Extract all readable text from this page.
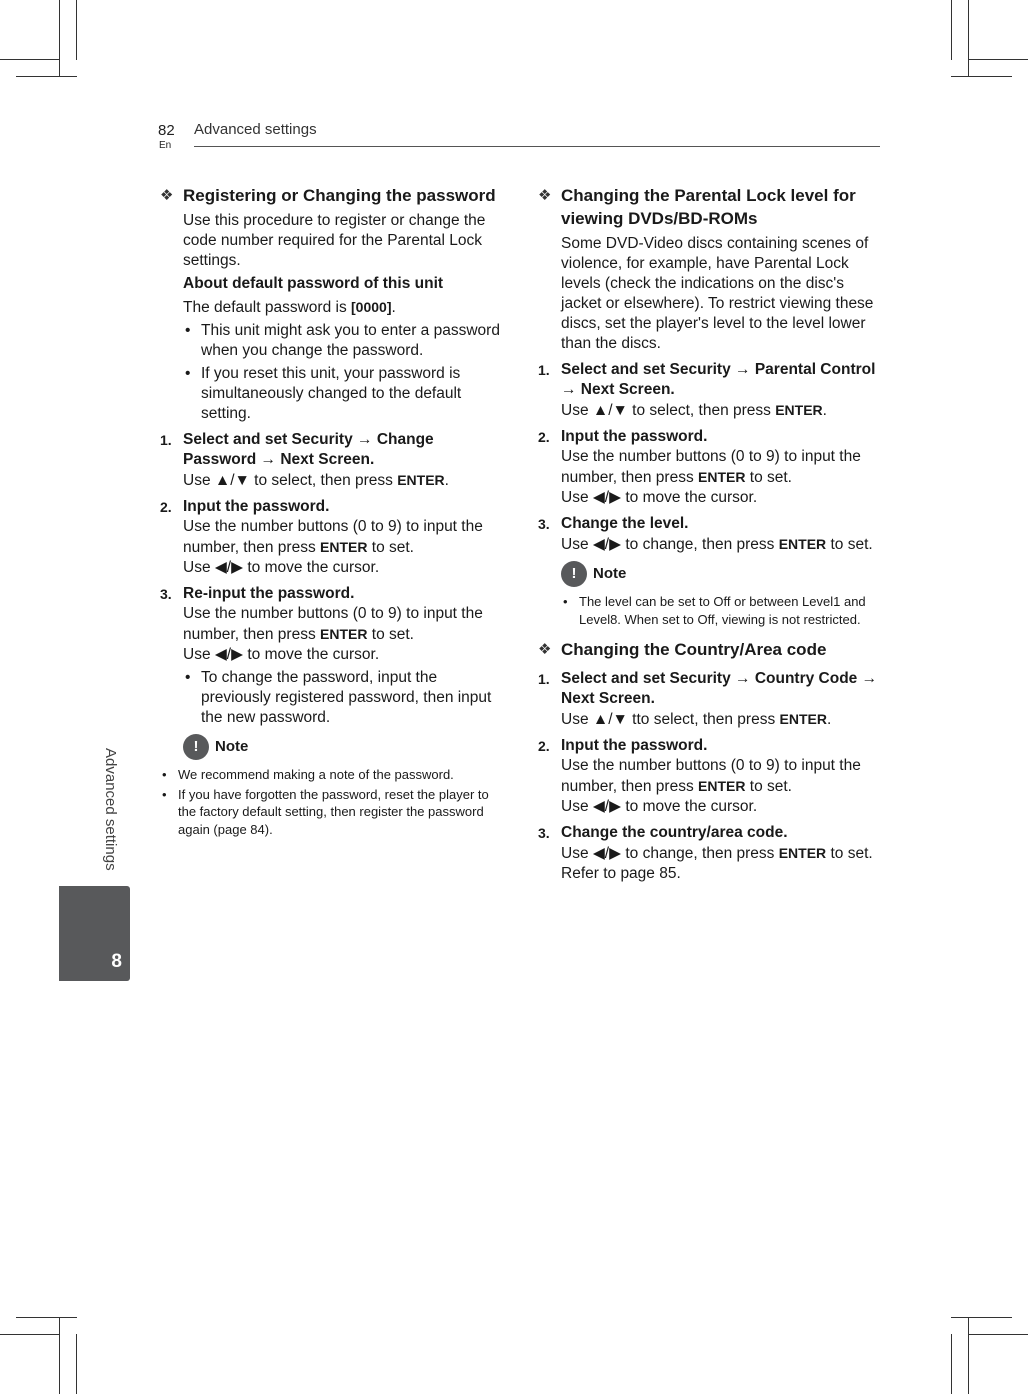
82
En
Advanced settings
Advanced settings
8
❖ Registering or Changing the password
Use this procedure to register or change the code number required for the Parental Lock settings.
About default password of this unit
The default password is [0000].
• This unit might ask you to enter a password when you change the password.
• If you reset this unit, your password is simultaneously changed to the default setting.
1. Select and set Security → Change Password → Next Screen.
Use ▲/▼ to select, then press ENTER.
2. Input the password.
Use the number buttons (0 to 9) to input the number, then press ENTER to set.
Use ◀/▶ to move the cursor.
3. Re-input the password.
Use the number buttons (0 to 9) to input the number, then press ENTER to set.
Use ◀/▶ to move the cursor.
• To change the password, input the previously registered password, then input the new password.
!	Note
• We recommend making a note of the password.
• If you have forgotten the password, reset the player to the factory default setting, then register the password again (page 84).
❖ Changing the Parental Lock level for viewing DVDs/BD-ROMs
Some DVD-Video discs containing scenes of violence, for example, have Parental Lock levels (check the indications on the disc's jacket or elsewhere). To restrict viewing these discs, set the player's level to the level lower than the discs.
1. Select and set Security → Parental Control → Next Screen.
Use ▲/▼ to select, then press ENTER.
2. Input the password.
Use the number buttons (0 to 9) to input the number, then press ENTER to set.
Use ◀/▶ to move the cursor.
3. Change the level.
Use ◀/▶ to change, then press ENTER to set.
!	Note
• The level can be set to Off or between Level1 and Level8. When set to Off, viewing is not restricted.
❖ Changing the Country/Area code
1. Select and set Security → Country Code → Next Screen.
Use ▲/▼ tto select, then press ENTER.
2. Input the password.
Use the number buttons (0 to 9) to input the number, then press ENTER to set.
Use ◀/▶ to move the cursor.
3. Change the country/area code.
Use ◀/▶ to change, then press ENTER to set. Refer to page 85.
